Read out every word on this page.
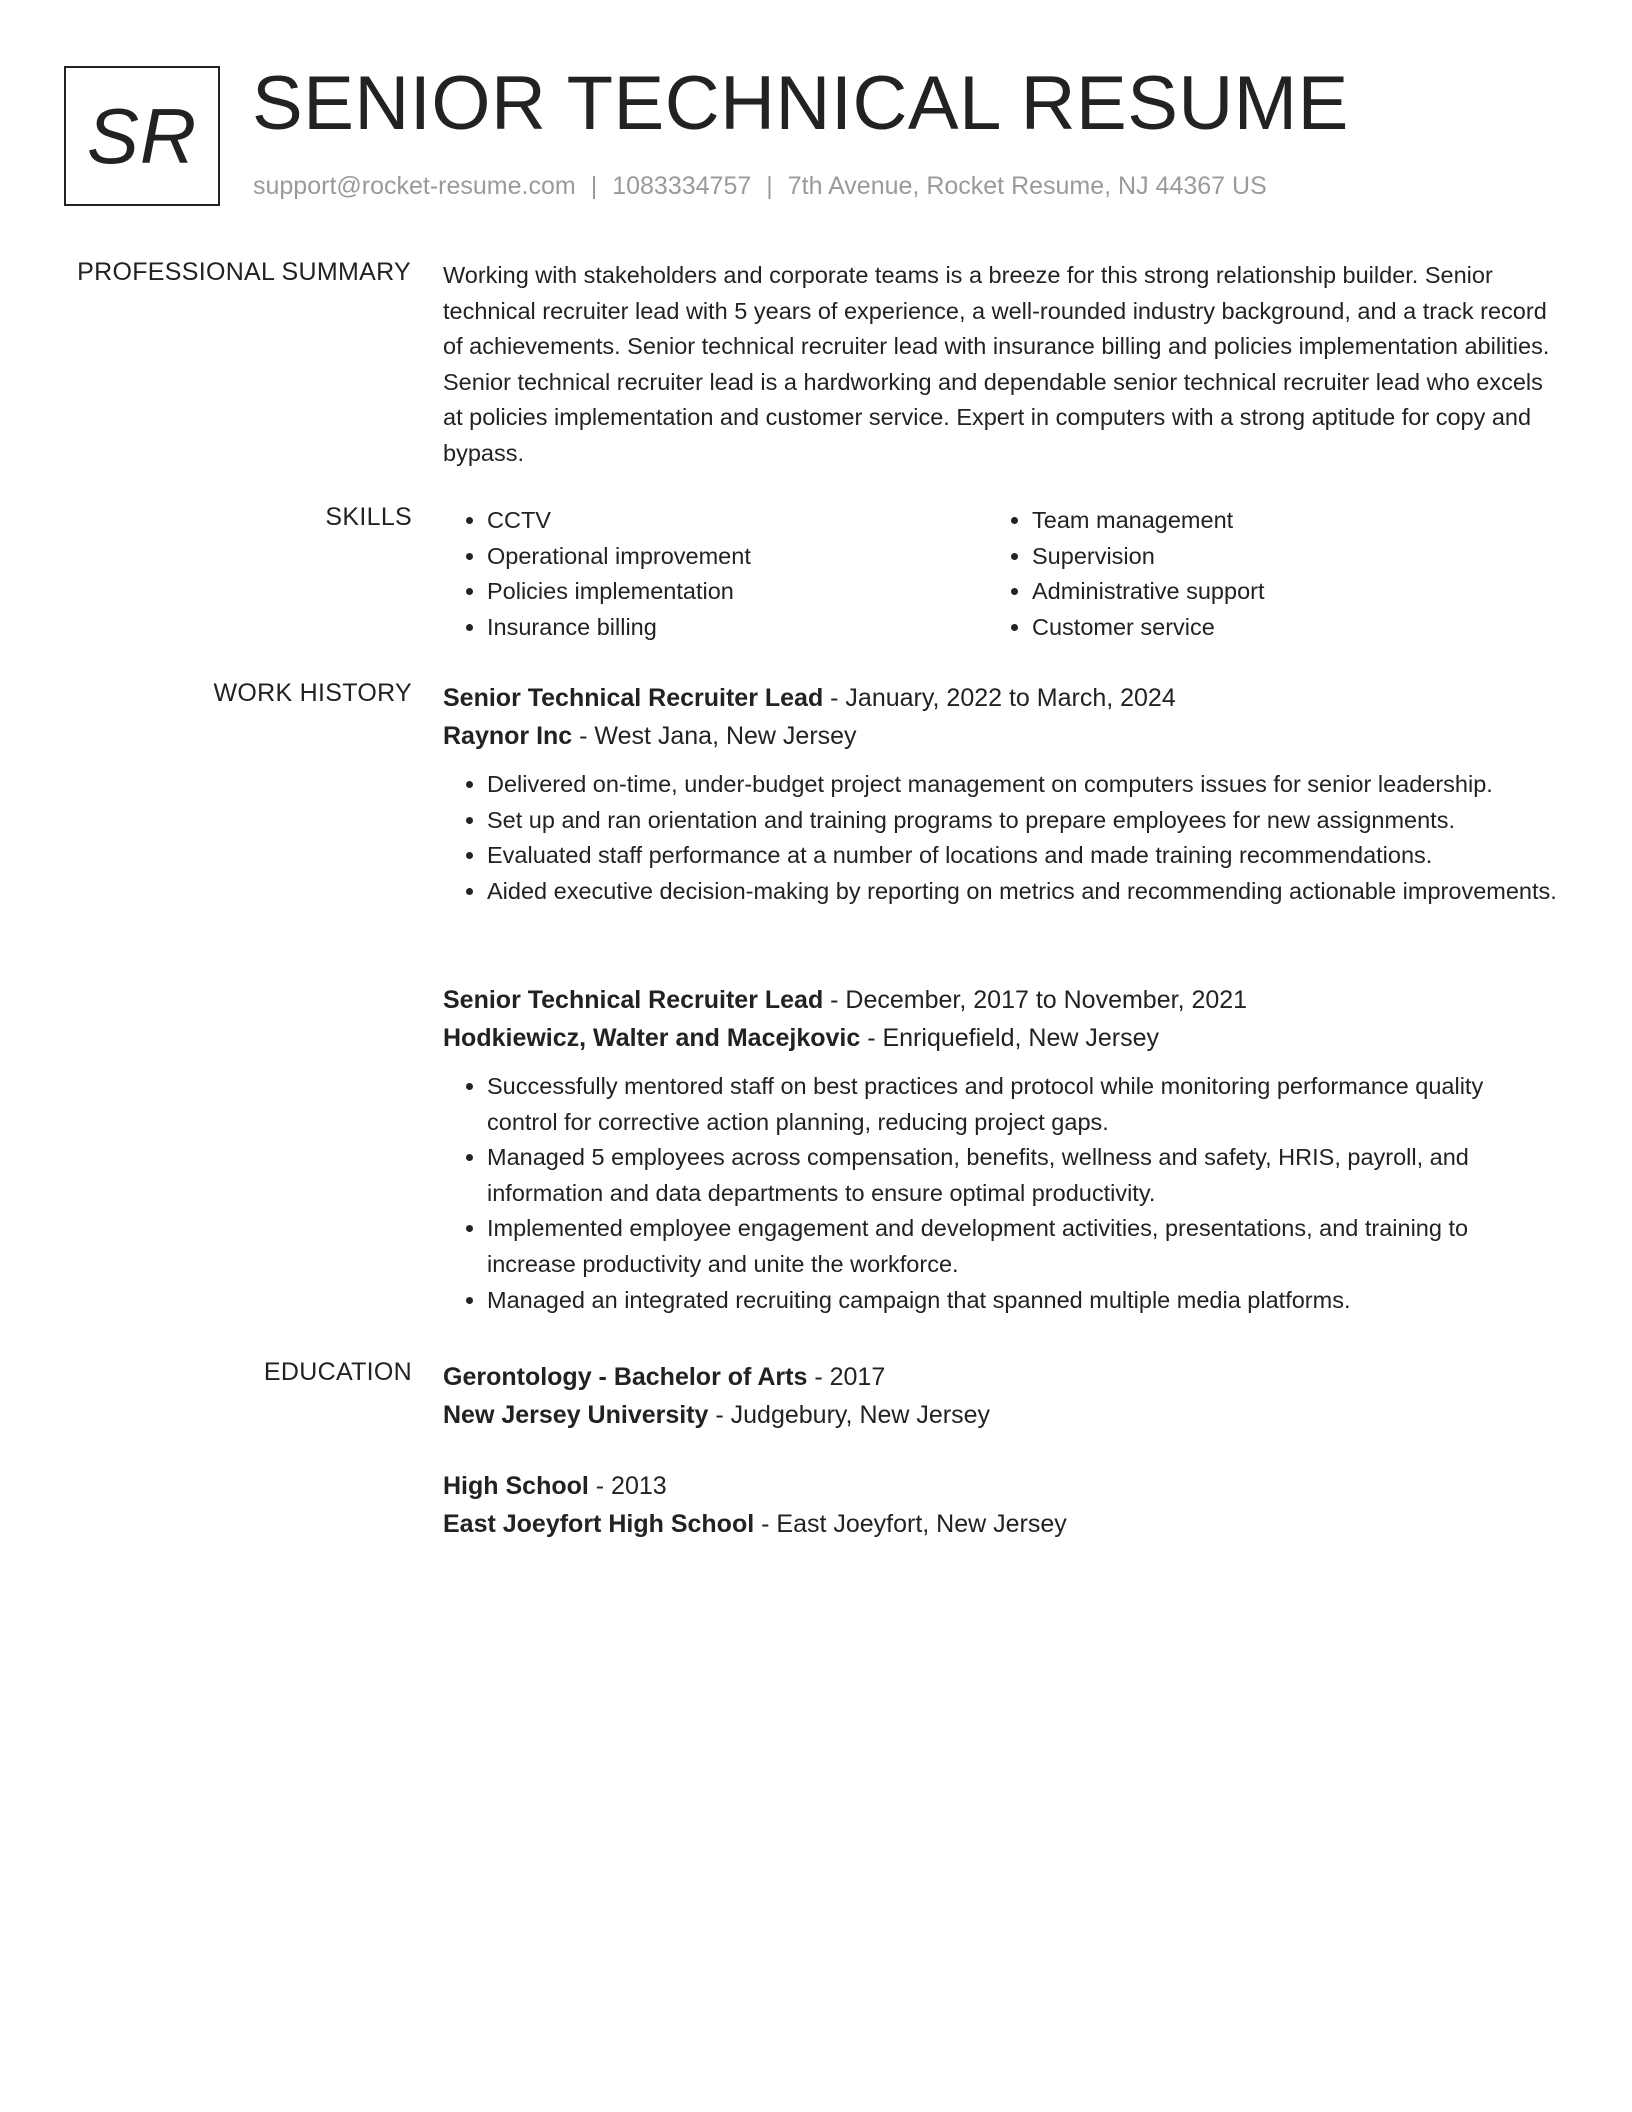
SR SENIOR TECHNICAL RESUME
support@rocket-resume.com | 1083334757 | 7th Avenue, Rocket Resume, NJ 44367 US
PROFESSIONAL SUMMARY Working with stakeholders and corporate teams is a breeze for this strong relationship builder. Senior technical recruiter lead with 5 years of experience, a well-rounded industry background, and a track record of achievements. Senior technical recruiter lead with insurance billing and policies implementation abilities. Senior technical recruiter lead is a hardworking and dependable senior technical recruiter lead who excels at policies implementation and customer service. Expert in computers with a strong aptitude for copy and bypass.

SKILLS
•	CCTV
• Operational improvement
• Policies implementation
• Insurance billing
• Team management
• Supervision
• Administrative support
• Customer service
WORK HISTORY Senior Technical Recruiter Lead - January, 2022 to March, 2024
Raynor Inc - West Jana, New Jersey
• Delivered on-time, under-budget project management on computers issues for senior leadership.
• Set up and ran orientation and training programs to prepare employees for new assignments.
• Evaluated staff performance at a number of locations and made training recommendations.
• Aided executive decision-making by reporting on metrics and recommending actionable improvements.
Senior Technical Recruiter Lead - December, 2017 to November, 2021
Hodkiewicz, Walter and Macejkovic - Enriquefield, New Jersey
• Successfully mentored staff on best practices and protocol while monitoring performance quality control for corrective action planning, reducing project gaps.
• Managed 5 employees across compensation, benefits, wellness and safety, HRIS, payroll, and information and data departments to ensure optimal productivity.
• Implemented employee engagement and development activities, presentations, and training to increase productivity and unite the workforce.
• Managed an integrated recruiting campaign that spanned multiple media platforms.
EDUCATION Gerontology - Bachelor of Arts - 2017
New Jersey University - Judgebury, New Jersey
High School - 2013
East Joeyfort High School - East Joeyfort, New Jersey
